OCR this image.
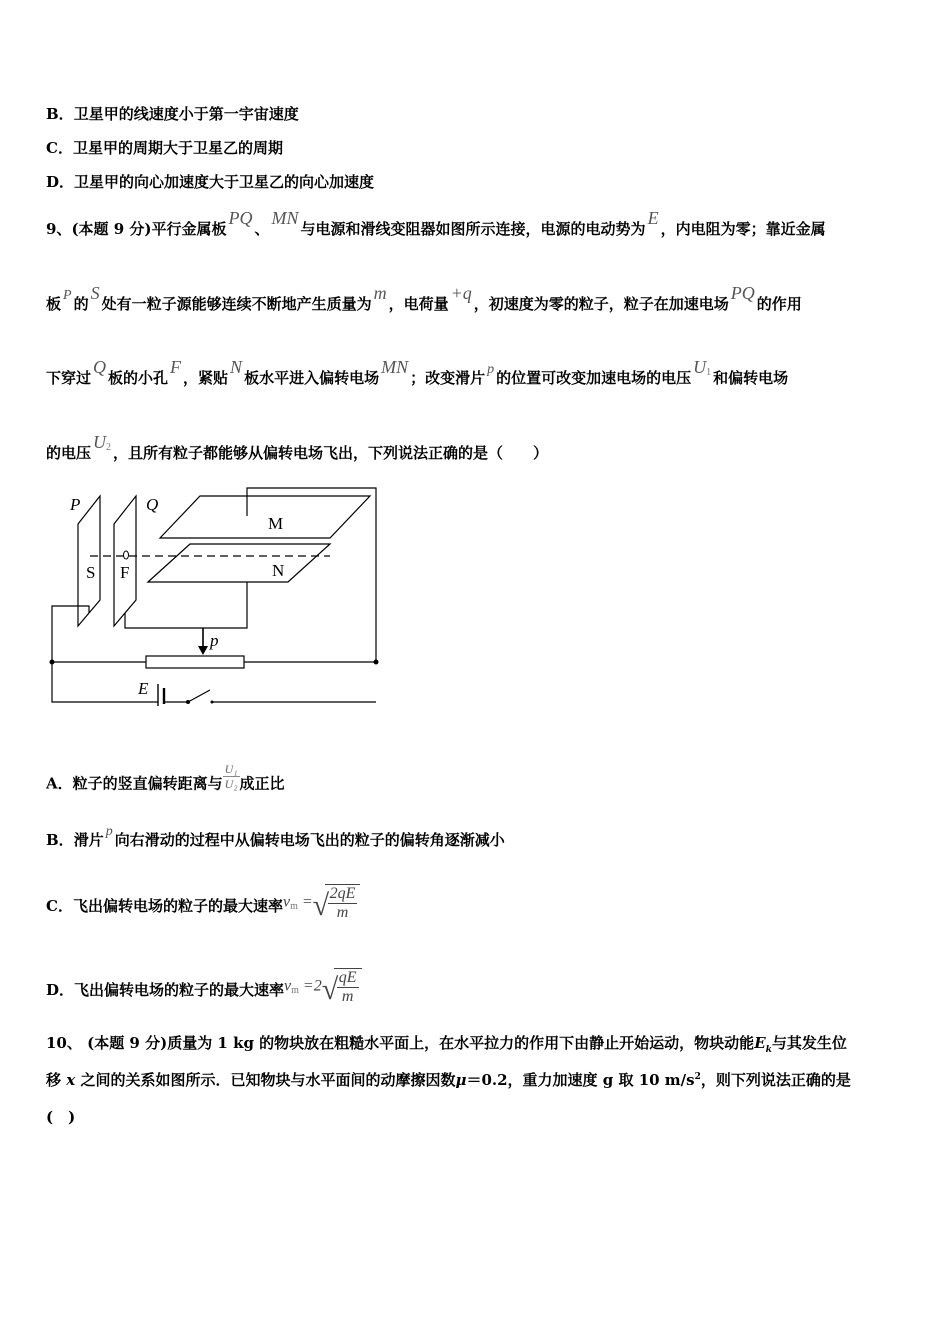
B．卫星甲的线速度小于第一宇宙速度
C．卫星甲的周期大于卫星乙的周期
D．卫星甲的向心加速度大于卫星乙的向心加速度
9、(本题 9 分)平行金属板PQ、MN与电源和滑线变阻器如图所示连接，电源的电动势为E，内电阻为零；靠近金属
板 P 的S处有一粒子源能够连续不断地产生质量为m，电荷量+q，初速度为零的粒子，粒子在加速电场PQ的作用
下穿过Q板的小孔F，紧贴N板水平进入偏转电场MN；改变滑片 p 的位置可改变加速电场的电压U1 和偏转电场
的电压U2 ，且所有粒子都能够从偏转电场飞出，下列说法正确的是（　　）
P	Q
M
N
S F
p
E
A．粒子的竖直偏转距离与 $\frac{\text{U₁}}{\text{U₂}}$ 成正比
B．滑片 p 向右滑动的过程中从偏转电场飞出的粒子的偏转角逐渐减小
C．飞出偏转电场的粒子的最大速率vm = √ $\frac{2qE}{m}$
D．飞出偏转电场的粒子的最大速率vm =2 √ $\frac{qE}{m}$
10、 (本题 9 分)质量为 1 kg 的物块放在粗糙水平面上，在水平拉力的作用下由静止开始运动，物块动能$E_k$与其发生位
移 x 之间的关系如图所示．已知物块与水平面间的动摩擦因数μ＝0.2，重力加速度 g 取 10 $m/s^2$，则下列说法正确的是
(　)
